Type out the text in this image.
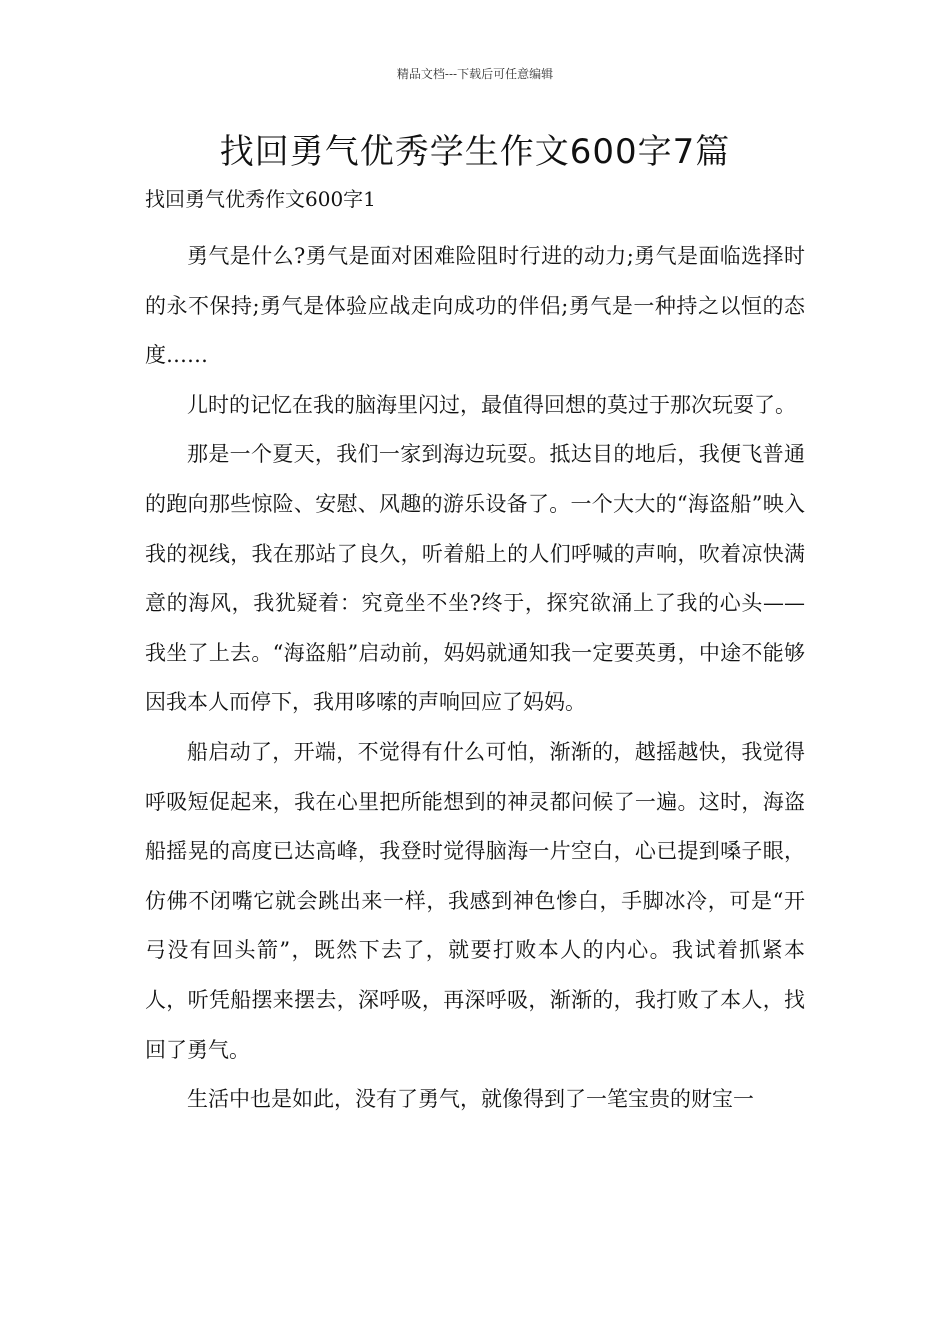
精品文档---下载后可任意编辑

找回勇气优秀学生作文600字7篇

找回勇气优秀作文600字1

勇气是什么?勇气是面对困难险阻时行进的动力;勇气是面临选择时的永不保持;勇气是体验应战走向成功的伴侣;勇气是一种持之以恒的态度……

儿时的记忆在我的脑海里闪过，最值得回想的莫过于那次玩耍了。

那是一个夏天，我们一家到海边玩耍。抵达目的地后，我便飞普通的跑向那些惊险、安慰、风趣的游乐设备了。一个大大的“海盗船”映入我的视线，我在那站了良久，听着船上的人们呼喊的声响，吹着凉快满意的海风，我犹疑着：究竟坐不坐?终于，探究欲涌上了我的心头——我坐了上去。“海盗船”启动前，妈妈就通知我一定要英勇，中途不能够因我本人而停下，我用哆嗦的声响回应了妈妈。

船启动了，开端，不觉得有什么可怕，渐渐的，越摇越快，我觉得呼吸短促起来，我在心里把所能想到的神灵都问候了一遍。这时，海盗船摇晃的高度已达高峰，我登时觉得脑海一片空白，心已提到嗓子眼，仿佛不闭嘴它就会跳出来一样，我感到神色惨白，手脚冰冷，可是“开弓没有回头箭”，既然下去了，就要打败本人的内心。我试着抓紧本人，听凭船摆来摆去，深呼吸，再深呼吸，渐渐的，我打败了本人，找回了勇气。

生活中也是如此，没有了勇气，就像得到了一笔宝贵的财宝一
